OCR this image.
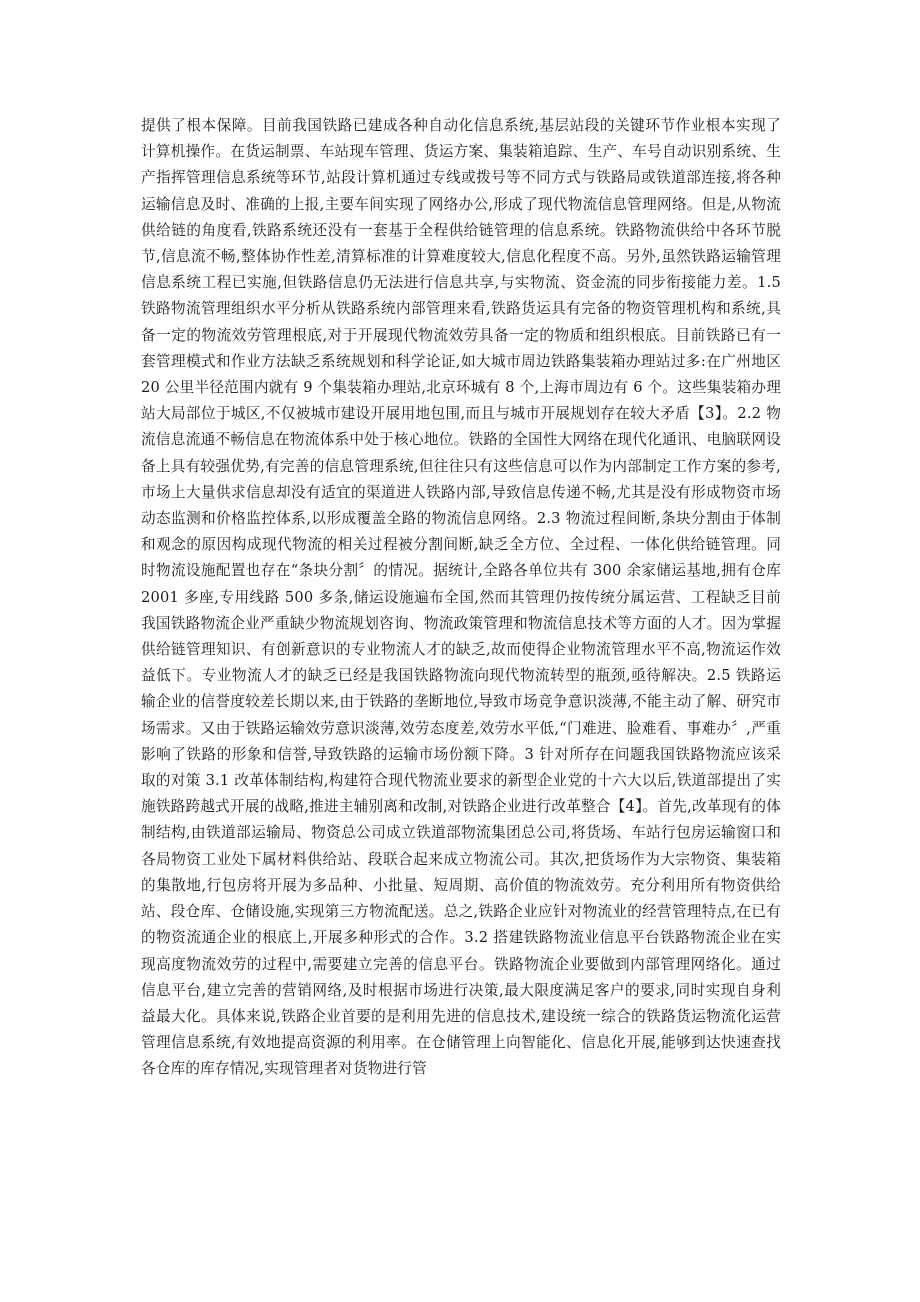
提供了根本保障。目前我国铁路已建成各种自动化信息系统,基层站段的关键环节作业根本实现了计算机操作。在货运制票、车站现车管理、货运方案、集装箱追踪、生产、车号自动识别系统、生产指挥管理信息系统等环节,站段计算机通过专线或拨号等不同方式与铁路局或铁道部连接,将各种运输信息及时、准确的上报,主要车间实现了网络办公,形成了现代物流信息管理网络。但是,从物流供给链的角度看,铁路系统还没有一套基于全程供给链管理的信息系统。铁路物流供给中各环节脱节,信息流不畅,整体协作性差,清算标准的计算难度较大,信息化程度不高。另外,虽然铁路运输管理信息系统工程已实施,但铁路信息仍无法进行信息共享,与实物流、资金流的同步衔接能力差。1.5 铁路物流管理组织水平分析从铁路系统内部管理来看,铁路货运具有完备的物资管理机构和系统,具备一定的物流效劳管理根底,对于开展现代物流效劳具备一定的物质和组织根底。目前铁路已有一套管理模式和作业方法缺乏系统规划和科学论证,如大城市周边铁路集装箱办理站过多:在广州地区 20 公里半径范围内就有 9 个集装箱办理站,北京环城有 8 个,上海市周边有 6 个。这些集装箱办理站大局部位于城区,不仅被城市建设开展用地包围,而且与城市开展规划存在较大矛盾【3】。2.2 物流信息流通不畅信息在物流体系中处于核心地位。铁路的全国性大网络在现代化通讯、电脑联网设备上具有较强优势,有完善的信息管理系统,但往往只有这些信息可以作为内部制定工作方案的参考,市场上大量供求信息却没有适宜的渠道进人铁路内部,导致信息传递不畅,尤其是没有形成物资市场动态监测和价格监控体系,以形成覆盖全路的物流信息网络。2.3 物流过程间断,条块分割由于体制和观念的原因构成现代物流的相关过程被分割间断,缺乏全方位、全过程、一体化供给链管理。同时物流设施配置也存在“条块分割〞的情况。据统计,全路各单位共有 300 余家储运基地,拥有仓库 2001 多座,专用线路 500 多条,储运设施遍布全国,然而其管理仍按传统分属运营、工程缺乏目前我国铁路物流企业严重缺少物流规划咨询、物流政策管理和物流信息技术等方面的人才。因为掌握供给链管理知识、有创新意识的专业物流人才的缺乏,故而使得企业物流管理水平不高,物流运作效益低下。专业物流人才的缺乏已经是我国铁路物流向现代物流转型的瓶颈,亟待解决。2.5 铁路运输企业的信誉度较差长期以来,由于铁路的垄断地位,导致市场竞争意识淡薄,不能主动了解、研究市场需求。又由于铁路运输效劳意识淡薄,效劳态度差,效劳水平低,“门难进、脸难看、事难办〞,严重影响了铁路的形象和信誉,导致铁路的运输市场份额下降。3 针对所存在问题我国铁路物流应该采取的对策 3.1 改革体制结构,构建符合现代物流业要求的新型企业党的十六大以后,铁道部提出了实施铁路跨越式开展的战略,推进主辅别离和改制,对铁路企业进行改革整合【4】。首先,改革现有的体制结构,由铁道部运输局、物资总公司成立铁道部物流集团总公司,将货场、车站行包房运输窗口和各局物资工业处下属材料供给站、段联合起来成立物流公司。其次,把货场作为大宗物资、集装箱的集散地,行包房将开展为多品种、小批量、短周期、高价值的物流效劳。充分利用所有物资供给站、段仓库、仓储设施,实现第三方物流配送。总之,铁路企业应针对物流业的经营管理特点,在已有的物资流通企业的根底上,开展多种形式的合作。3.2 搭建铁路物流业信息平台铁路物流企业在实现高度物流效劳的过程中,需要建立完善的信息平台。铁路物流企业要做到内部管理网络化。通过信息平台,建立完善的营销网络,及时根据市场进行决策,最大限度满足客户的要求,同时实现自身利益最大化。具体来说,铁路企业首要的是利用先进的信息技术,建设统一综合的铁路货运物流化运营管理信息系统,有效地提高资源的利用率。在仓储管理上向智能化、信息化开展,能够到达快速查找各仓库的库存情况,实现管理者对货物进行管
